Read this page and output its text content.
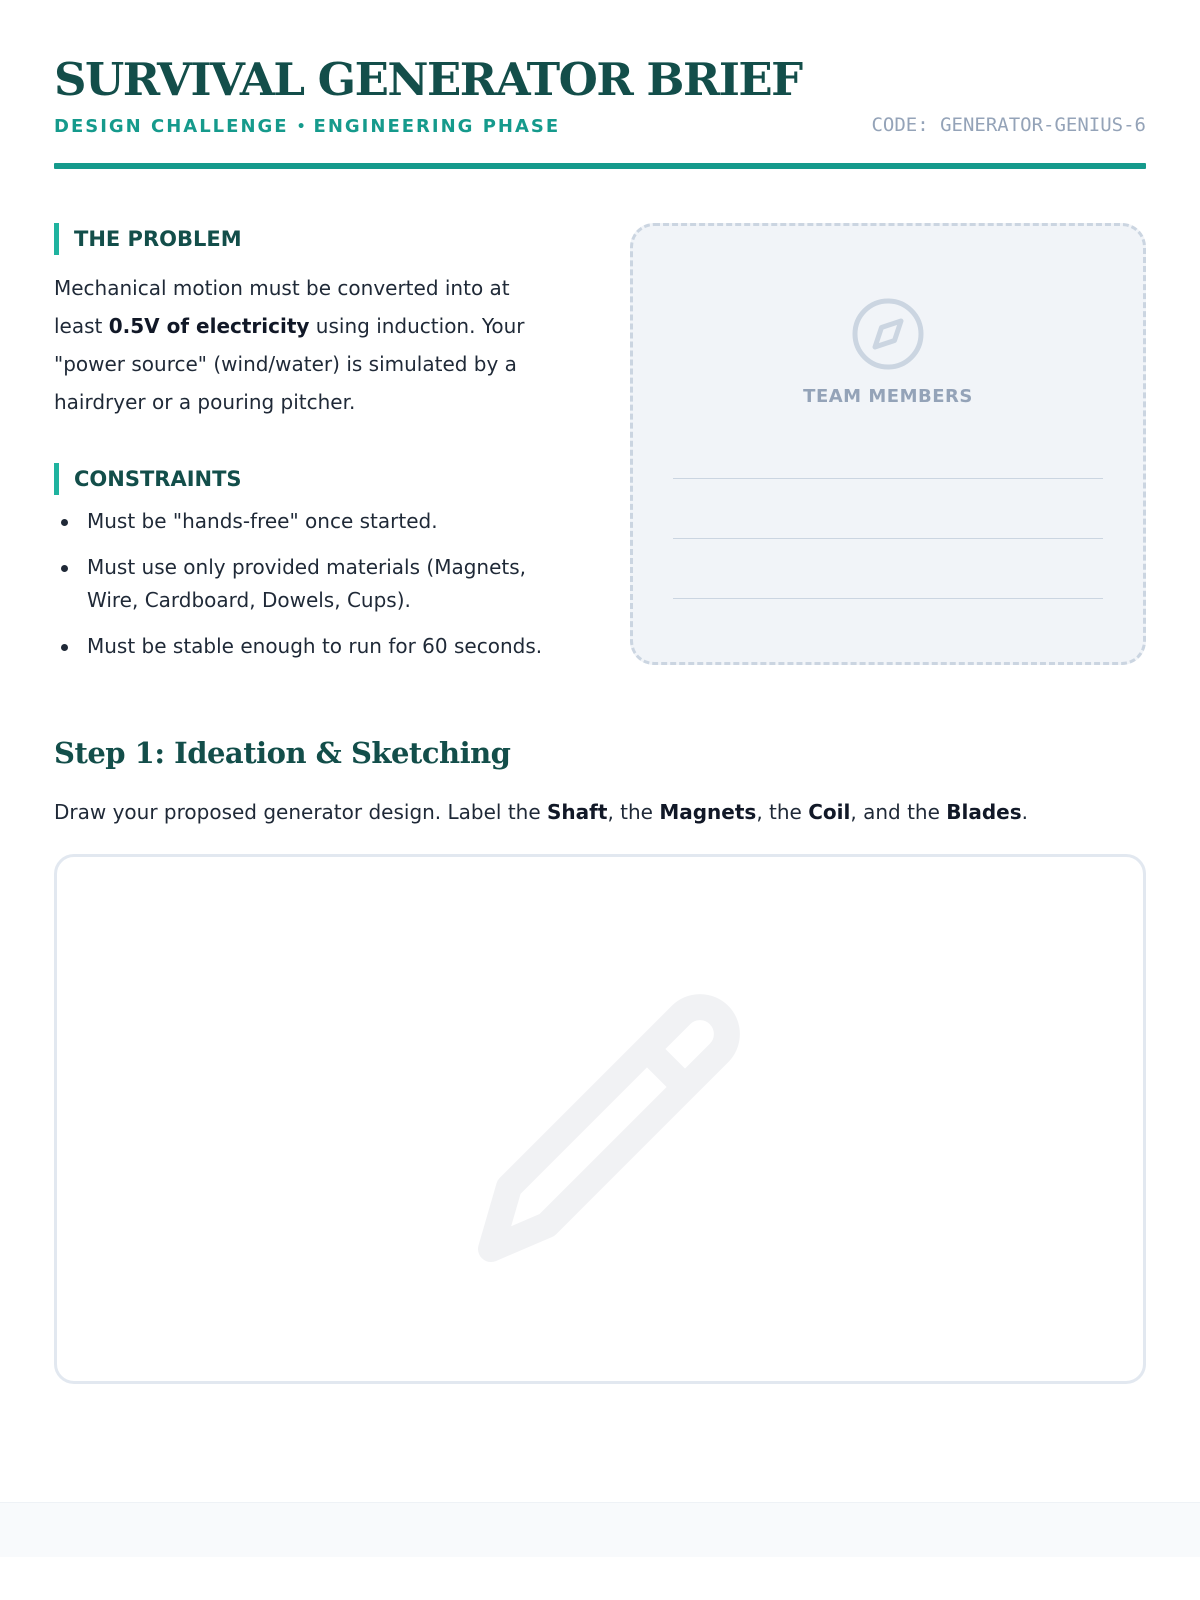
SURVIVAL GENERATOR BRIEF
DESIGN CHALLENGE • ENGINEERING PHASE	CODE: GENERATOR-GENIUS-6
THE PROBLEM

Mechanical motion must be converted into at least 0.5V of electricity using induction. Your "power source" (wind/water) is simulated by a hairdryer or a pouring pitcher.

CONSTRAINTS
Must be "hands-free" once started.
Must use only provided materials (Magnets, Wire, Cardboard, Dowels, Cups).
Must be stable enough to run for 60 seconds.
TEAM MEMBERS
Step 1: Ideation & Sketching

Draw your proposed generator design. Label the Shaft, the Magnets, the Coil, and the Blades.
